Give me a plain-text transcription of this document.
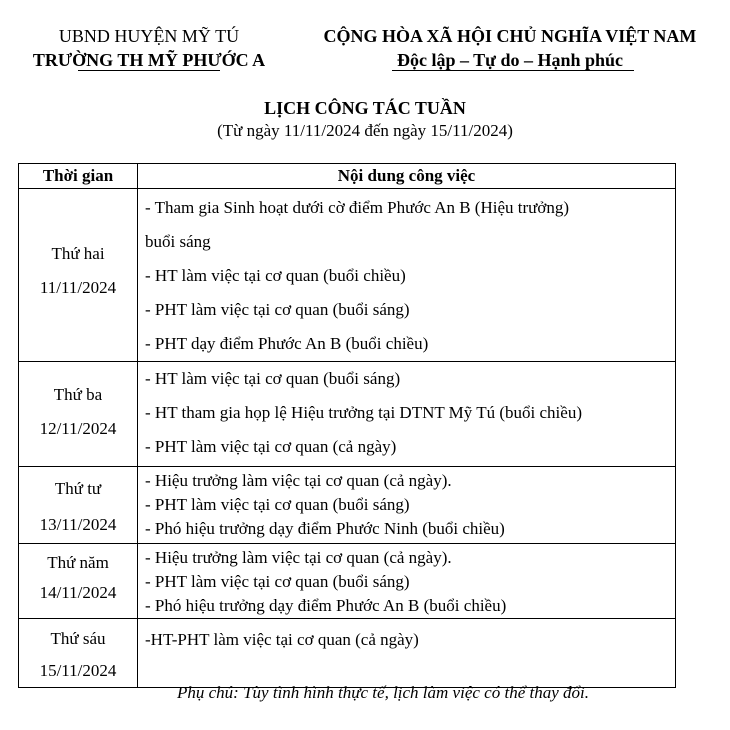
UBND HUYỆN MỸ TÚ
TRƯỜNG TH MỸ PHƯỚC A
CỘNG HÒA XÃ HỘI CHỦ NGHĨA VIỆT NAM
Độc lập – Tự do – Hạnh phúc
LỊCH CÔNG TÁC TUẦN
(Từ ngày 11/11/2024 đến ngày 15/11/2024)
Thời gian	Nội dung công việc

Thứ hai
11/11/2024	- Tham gia Sinh hoạt dưới cờ điểm Phước An B (Hiệu trưởng)
buổi sáng
- HT làm việc tại cơ quan (buổi chiều)
- PHT làm việc tại cơ quan (buổi sáng)
- PHT dạy điểm Phước An B (buổi chiều)

Thứ ba
12/11/2024	- HT làm việc tại cơ quan (buổi sáng)
- HT tham gia họp lệ Hiệu trưởng tại DTNT Mỹ Tú (buổi chiều)
- PHT làm việc tại cơ quan (cả ngày)

Thứ tư
13/11/2024	- Hiệu trưởng làm việc tại cơ quan (cả ngày).
- PHT làm việc tại cơ quan (buổi sáng)
- Phó hiệu trưởng dạy điểm Phước Ninh (buổi chiều)

Thứ năm
14/11/2024	- Hiệu trưởng làm việc tại cơ quan (cả ngày).
- PHT làm việc tại cơ quan (buổi sáng)
- Phó hiệu trưởng dạy điểm Phước An B (buổi chiều)

Thứ sáu
15/11/2024	-HT-PHT làm việc tại cơ quan (cả ngày)
Phụ chú: Tùy tình hình thực tế, lịch làm việc có thể thay đổi.
